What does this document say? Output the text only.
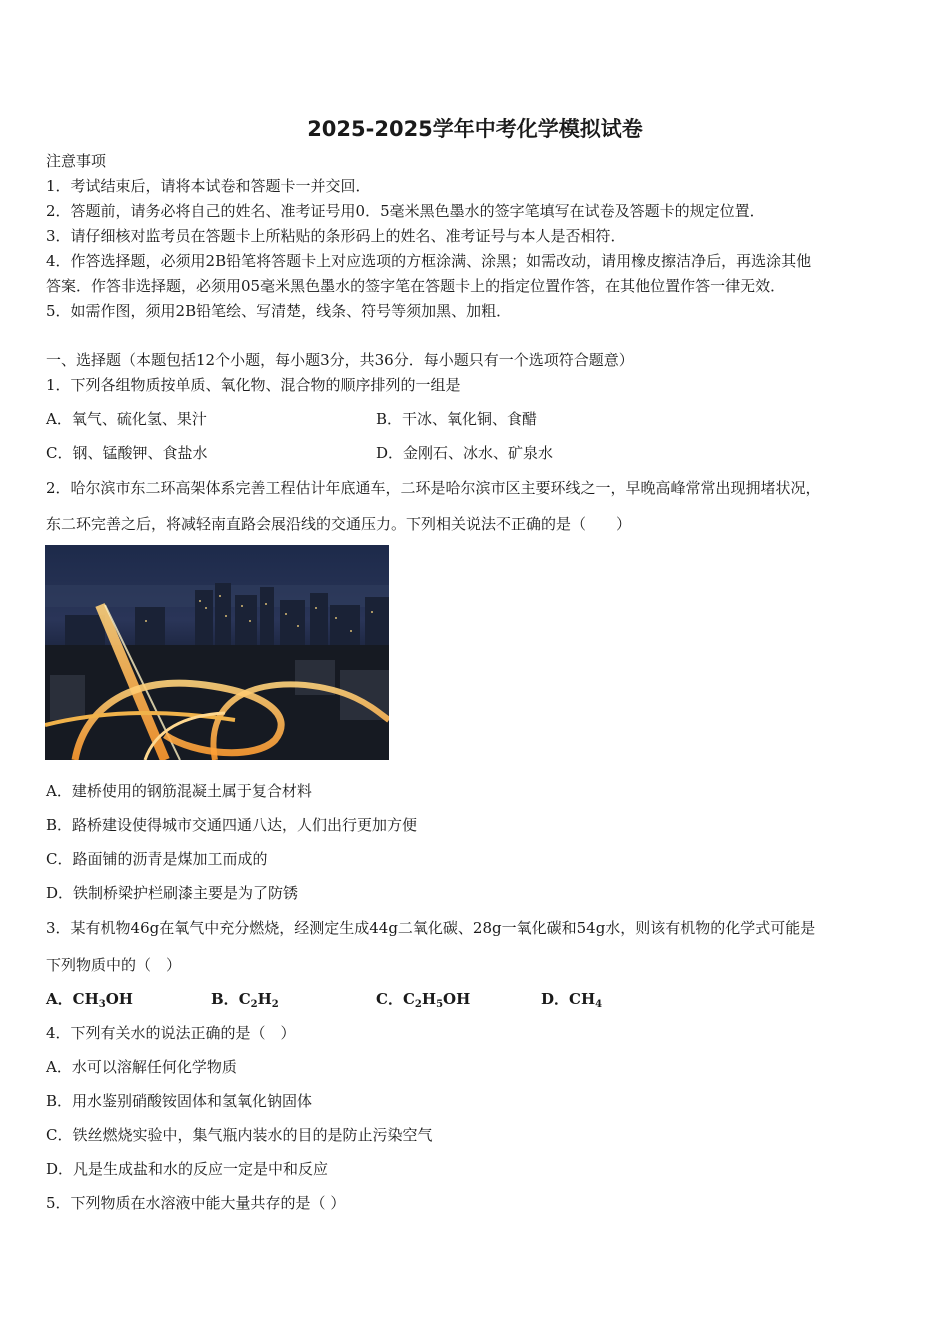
2025-2025学年中考化学模拟试卷
注意事项
1．考试结束后，请将本试卷和答题卡一并交回．
2．答题前，请务必将自己的姓名、准考证号用0．5毫米黑色墨水的签字笔填写在试卷及答题卡的规定位置．
3．请仔细核对监考员在答题卡上所粘贴的条形码上的姓名、准考证号与本人是否相符．
4．作答选择题，必须用2B铅笔将答题卡上对应选项的方框涂满、涂黑；如需改动，请用橡皮擦洁净后，再选涂其他
答案．作答非选择题，必须用05毫米黑色墨水的签字笔在答题卡上的指定位置作答，在其他位置作答一律无效．
5．如需作图，须用2B铅笔绘、写清楚，线条、符号等须加黑、加粗．
一、选择题（本题包括12个小题，每小题3分，共36分．每小题只有一个选项符合题意）
1．下列各组物质按单质、氧化物、混合物的顺序排列的一组是
A．氧气、硫化氢、果汁	B．干冰、氧化铜、食醋
C．钢、锰酸钾、食盐水	D．金刚石、冰水、矿泉水
2．哈尔滨市东二环高架体系完善工程估计年底通车，二环是哈尔滨市区主要环线之一，早晚高峰常常出现拥堵状况，
东二环完善之后，将减轻南直路会展沿线的交通压力。下列相关说法不正确的是（　　）
A．建桥使用的钢筋混凝土属于复合材料
B．路桥建设使得城市交通四通八达，人们出行更加方便
C．路面铺的沥青是煤加工而成的
D．铁制桥梁护栏刷漆主要是为了防锈
3．某有机物46g在氧气中充分燃烧，经测定生成44g二氧化碳、28g一氧化碳和54g水，则该有机物的化学式可能是
下列物质中的（　）
A．$CH_3OH$	B．$C_2H_2$	C．$C_2H_5OH$	D．$CH_4$
4．下列有关水的说法正确的是（　）
A．水可以溶解任何化学物质
B．用水鉴别硝酸铵固体和氢氧化钠固体
C．铁丝燃烧实验中，集气瓶内装水的目的是防止污染空气
D．凡是生成盐和水的反应一定是中和反应
5．下列物质在水溶液中能大量共存的是（ ）
